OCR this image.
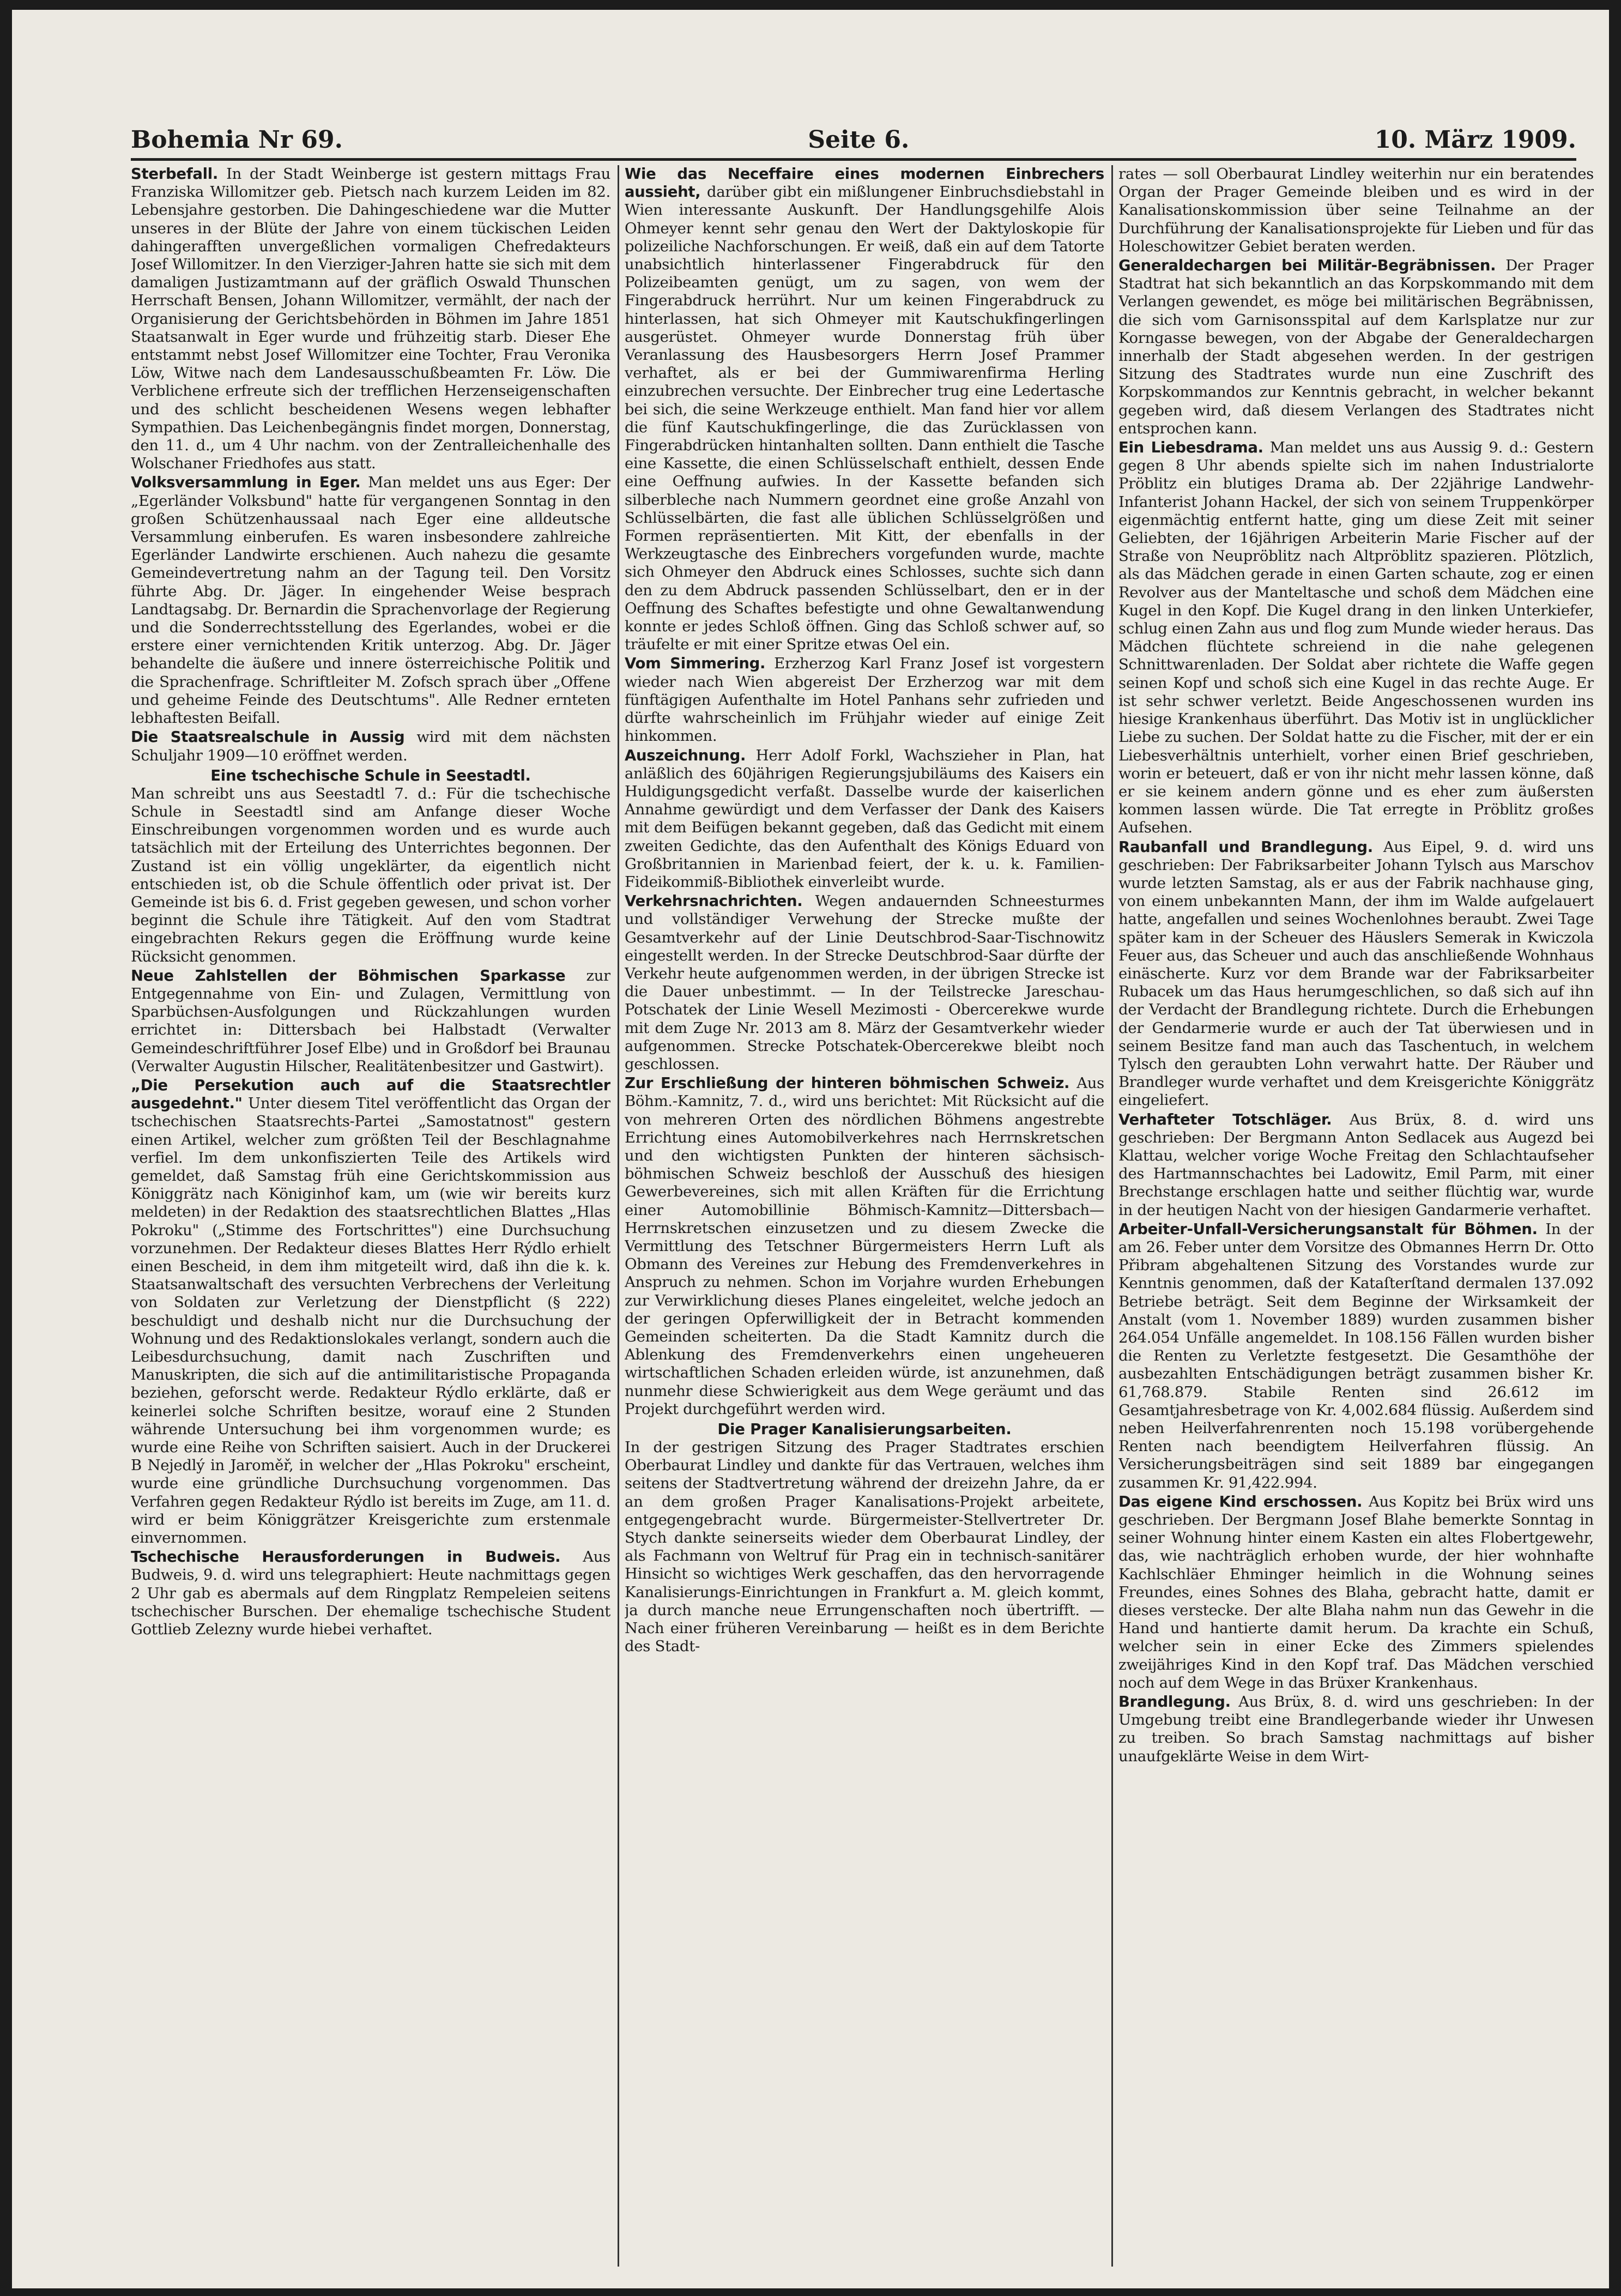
Bohemia Nr 69.	Seite 6.	10. März 1909.

Sterbefall. In der Stadt Weinberge ist gestern mittags Frau Franziska Willomitzer geb. Pietsch nach kurzem Leiden im 82. Lebensjahre gestorben. Die Dahingeschiedene war die Mutter unseres in der Blüte der Jahre von einem tückischen Leiden dahingerafften unvergeßlichen vormaligen Chefredakteurs Josef Willomitzer. In den Vierziger-Jahren hatte sie sich mit dem damaligen Justizamtmann auf der gräflich Oswald Thunschen Herrschaft Bensen, Johann Willomitzer, vermählt, der nach der Organisierung der Gerichtsbehörden in Böhmen im Jahre 1851 Staatsanwalt in Eger wurde und frühzeitig starb. Dieser Ehe entstammt nebst Josef Willomitzer eine Tochter, Frau Veronika Löw, Witwe nach dem Landesausschußbeamten Fr. Löw. Die Verblichene erfreute sich der trefflichen Herzenseigenschaften und des schlicht bescheidenen Wesens wegen lebhafter Sympathien. Das Leichenbegängnis findet morgen, Donnerstag, den 11. d., um 4 Uhr nachm. von der Zentralleichenhalle des Wolschaner Friedhofes aus statt.

Volksversammlung in Eger. Man meldet uns aus Eger: Der „Egerländer Volksbund" hatte für vergangenen Sonntag in den großen Schützenhaussaal nach Eger eine alldeutsche Versammlung einberufen. Es waren insbesondere zahlreiche Egerländer Landwirte erschienen. Auch nahezu die gesamte Gemeindevertretung nahm an der Tagung teil. Den Vorsitz führte Abg. Dr. Jäger. In eingehender Weise besprach Landtagsabg. Dr. Bernardin die Sprachenvorlage der Regierung und die Sonderrechtsstellung des Egerlandes, wobei er die erstere einer vernichtenden Kritik unterzog. Abg. Dr. Jäger behandelte die äußere und innere österreichische Politik und die Sprachenfrage. Schriftleiter M. Zofsch sprach über „Offene und geheime Feinde des Deutschtums". Alle Redner ernteten lebhaftesten Beifall.

Die Staatsrealschule in Aussig wird mit dem nächsten Schuljahr 1909—10 eröffnet werden.

Eine tschechische Schule in Seestadtl.

Man schreibt uns aus Seestadtl 7. d.: Für die tschechische Schule in Seestadtl sind am Anfange dieser Woche Einschreibungen vorgenommen worden und es wurde auch tatsächlich mit der Erteilung des Unterrichtes begonnen. Der Zustand ist ein völlig ungeklärter, da eigentlich nicht entschieden ist, ob die Schule öffentlich oder privat ist. Der Gemeinde ist bis 6. d. Frist gegeben gewesen, und schon vorher beginnt die Schule ihre Tätigkeit. Auf den vom Stadtrat eingebrachten Rekurs gegen die Eröffnung wurde keine Rücksicht genommen.

Neue Zahlstellen der Böhmischen Sparkasse zur Entgegennahme von Ein- und Zulagen, Vermittlung von Sparbüchsen-Ausfolgungen und Rückzahlungen wurden errichtet in: Dittersbach bei Halbstadt (Verwalter Gemeindeschriftführer Josef Elbe) und in Großdorf bei Braunau (Verwalter Augustin Hilscher, Realitätenbesitzer und Gastwirt).

„Die Persekution auch auf die Staatsrechtler ausgedehnt." Unter diesem Titel veröffentlicht das Organ der tschechischen Staatsrechts-Partei „Samostatnost" gestern einen Artikel, welcher zum größten Teil der Beschlagnahme verfiel. Im dem unkonfiszierten Teile des Artikels wird gemeldet, daß Samstag früh eine Gerichtskommission aus Königgrätz nach Königinhof kam, um (wie wir bereits kurz meldeten) in der Redaktion des staatsrechtlichen Blattes „Hlas Pokroku" („Stimme des Fortschrittes") eine Durchsuchung vorzunehmen. Der Redakteur dieses Blattes Herr Rýdlo erhielt einen Bescheid, in dem ihm mitgeteilt wird, daß ihn die k. k. Staatsanwaltschaft des versuchten Verbrechens der Verleitung von Soldaten zur Verletzung der Dienstpflicht (§ 222) beschuldigt und deshalb nicht nur die Durchsuchung der Wohnung und des Redaktionslokales verlangt, sondern auch die Leibesdurchsuchung, damit nach Zuschriften und Manuskripten, die sich auf die antimilitaristische Propaganda beziehen, geforscht werde. Redakteur Rýdlo erklärte, daß er keinerlei solche Schriften besitze, worauf eine 2 Stunden währende Untersuchung bei ihm vorgenommen wurde; es wurde eine Reihe von Schriften saisiert. Auch in der Druckerei B Nejedlý in Jaroměř, in welcher der „Hlas Pokroku" erscheint, wurde eine gründliche Durchsuchung vorgenommen. Das Verfahren gegen Redakteur Rýdlo ist bereits im Zuge, am 11. d. wird er beim Königgrätzer Kreisgerichte zum erstenmale einvernommen.

Tschechische Herausforderungen in Budweis. Aus Budweis, 9. d. wird uns telegraphiert: Heute nachmittags gegen 2 Uhr gab es abermals auf dem Ringplatz Rempeleien seitens tschechischer Burschen. Der ehemalige tschechische Student Gottlieb Zelezny wurde hiebei verhaftet.

Wie das Neceffaire eines modernen Einbrechers aussieht, darüber gibt ein mißlungener Einbruchsdiebstahl in Wien interessante Auskunft. Der Handlungsgehilfe Alois Ohmeyer kennt sehr genau den Wert der Daktyloskopie für polizeiliche Nachforschungen. Er weiß, daß ein auf dem Tatorte unabsichtlich hinterlassener Fingerabdruck für den Polizeibeamten genügt, um zu sagen, von wem der Fingerabdruck herrührt. Nur um keinen Fingerabdruck zu hinterlassen, hat sich Ohmeyer mit Kautschukfingerlingen ausgerüstet. Ohmeyer wurde Donnerstag früh über Veranlassung des Hausbesorgers Herrn Josef Prammer verhaftet, als er bei der Gummiwarenfirma Herling einzubrechen versuchte. Der Einbrecher trug eine Ledertasche bei sich, die seine Werkzeuge enthielt. Man fand hier vor allem die fünf Kautschukfingerlinge, die das Zurücklassen von Fingerabdrücken hintanhalten sollten. Dann enthielt die Tasche eine Kassette, die einen Schlüsselschaft enthielt, dessen Ende eine Oeffnung aufwies. In der Kassette befanden sich silberbleche nach Nummern geordnet eine große Anzahl von Schlüsselbärten, die fast alle üblichen Schlüsselgrößen und Formen repräsentierten. Mit Kitt, der ebenfalls in der Werkzeugtasche des Einbrechers vorgefunden wurde, machte sich Ohmeyer den Abdruck eines Schlosses, suchte sich dann den zu dem Abdruck passenden Schlüsselbart, den er in der Oeffnung des Schaftes befestigte und ohne Gewaltanwendung konnte er jedes Schloß öffnen. Ging das Schloß schwer auf, so träufelte er mit einer Spritze etwas Oel ein.

Vom Simmering. Erzherzog Karl Franz Josef ist vorgestern wieder nach Wien abgereist Der Erzherzog war mit dem fünftägigen Aufenthalte im Hotel Panhans sehr zufrieden und dürfte wahrscheinlich im Frühjahr wieder auf einige Zeit hinkommen.

Auszeichnung. Herr Adolf Forkl, Wachszieher in Plan, hat anläßlich des 60jährigen Regierungsjubiläums des Kaisers ein Huldigungsgedicht verfaßt. Dasselbe wurde der kaiserlichen Annahme gewürdigt und dem Verfasser der Dank des Kaisers mit dem Beifügen bekannt gegeben, daß das Gedicht mit einem zweiten Gedichte, das den Aufenthalt des Königs Eduard von Großbritannien in Marienbad feiert, der k. u. k. Familien-Fideikommiß-Bibliothek einverleibt wurde.

Verkehrsnachrichten. Wegen andauernden Schneesturmes und vollständiger Verwehung der Strecke mußte der Gesamtverkehr auf der Linie Deutschbrod-Saar-Tischnowitz eingestellt werden. In der Strecke Deutschbrod-Saar dürfte der Verkehr heute aufgenommen werden, in der übrigen Strecke ist die Dauer unbestimmt. — In der Teilstrecke Jareschau-Potschatek der Linie Wesell Mezimosti - Obercerekwe wurde mit dem Zuge Nr. 2013 am 8. März der Gesamtverkehr wieder aufgenommen. Strecke Potschatek-Obercerekwe bleibt noch geschlossen.

Zur Erschließung der hinteren böhmischen Schweiz. Aus Böhm.-Kamnitz, 7. d., wird uns berichtet: Mit Rücksicht auf die von mehreren Orten des nördlichen Böhmens angestrebte Errichtung eines Automobilverkehres nach Herrnskretschen und den wichtigsten Punkten der hinteren sächsisch-böhmischen Schweiz beschloß der Ausschuß des hiesigen Gewerbevereines, sich mit allen Kräften für die Errichtung einer Automobillinie Böhmisch-Kamnitz—Dittersbach—Herrnskretschen einzusetzen und zu diesem Zwecke die Vermittlung des Tetschner Bürgermeisters Herrn Luft als Obmann des Vereines zur Hebung des Fremdenverkehres in Anspruch zu nehmen. Schon im Vorjahre wurden Erhebungen zur Verwirklichung dieses Planes eingeleitet, welche jedoch an der geringen Opferwilligkeit der in Betracht kommenden Gemeinden scheiterten. Da die Stadt Kamnitz durch die Ablenkung des Fremdenverkehrs einen ungeheueren wirtschaftlichen Schaden erleiden würde, ist anzunehmen, daß nunmehr diese Schwierigkeit aus dem Wege geräumt und das Projekt durchgeführt werden wird.

Die Prager Kanalisierungsarbeiten.

In der gestrigen Sitzung des Prager Stadtrates erschien Oberbaurat Lindley und dankte für das Vertrauen, welches ihm seitens der Stadtvertretung während der dreizehn Jahre, da er an dem großen Prager Kanalisations-Projekt arbeitete, entgegengebracht wurde. Bürgermeister-Stellvertreter Dr. Stych dankte seinerseits wieder dem Oberbaurat Lindley, der als Fachmann von Weltruf für Prag ein in technisch-sanitärer Hinsicht so wichtiges Werk geschaffen, das den hervorragende Kanalisierungs-Einrichtungen in Frankfurt a. M. gleich kommt, ja durch manche neue Errungenschaften noch übertrifft. — Nach einer früheren Vereinbarung — heißt es in dem Berichte des Stadt-

rates — soll Oberbaurat Lindley weiterhin nur ein beratendes Organ der Prager Gemeinde bleiben und es wird in der Kanalisationskommission über seine Teilnahme an der Durchführung der Kanalisationsprojekte für Lieben und für das Holeschowitzer Gebiet beraten werden.

Generaldechargen bei Militär-Begräbnissen. Der Prager Stadtrat hat sich bekanntlich an das Korpskommando mit dem Verlangen gewendet, es möge bei militärischen Begräbnissen, die sich vom Garnisonsspital auf dem Karlsplatze nur zur Korngasse bewegen, von der Abgabe der Generaldechargen innerhalb der Stadt abgesehen werden. In der gestrigen Sitzung des Stadtrates wurde nun eine Zuschrift des Korpskommandos zur Kenntnis gebracht, in welcher bekannt gegeben wird, daß diesem Verlangen des Stadtrates nicht entsprochen kann.

Ein Liebesdrama. Man meldet uns aus Aussig 9. d.: Gestern gegen 8 Uhr abends spielte sich im nahen Industrialorte Pröblitz ein blutiges Drama ab. Der 22jährige Landwehr-Infanterist Johann Hackel, der sich von seinem Truppenkörper eigenmächtig entfernt hatte, ging um diese Zeit mit seiner Geliebten, der 16jährigen Arbeiterin Marie Fischer auf der Straße von Neupröblitz nach Altpröblitz spazieren. Plötzlich, als das Mädchen gerade in einen Garten schaute, zog er einen Revolver aus der Manteltasche und schoß dem Mädchen eine Kugel in den Kopf. Die Kugel drang in den linken Unterkiefer, schlug einen Zahn aus und flog zum Munde wieder heraus. Das Mädchen flüchtete schreiend in die nahe gelegenen Schnittwarenladen. Der Soldat aber richtete die Waffe gegen seinen Kopf und schoß sich eine Kugel in das rechte Auge. Er ist sehr schwer verletzt. Beide Angeschossenen wurden ins hiesige Krankenhaus überführt. Das Motiv ist in unglücklicher Liebe zu suchen. Der Soldat hatte zu die Fischer, mit der er ein Liebesverhältnis unterhielt, vorher einen Brief geschrieben, worin er beteuert, daß er von ihr nicht mehr lassen könne, daß er sie keinem andern gönne und es eher zum äußersten kommen lassen würde. Die Tat erregte in Pröblitz großes Aufsehen.

Raubanfall und Brandlegung. Aus Eipel, 9. d. wird uns geschrieben: Der Fabriksarbeiter Johann Tylsch aus Marschov wurde letzten Samstag, als er aus der Fabrik nachhause ging, von einem unbekannten Mann, der ihm im Walde aufgelauert hatte, angefallen und seines Wochenlohnes beraubt. Zwei Tage später kam in der Scheuer des Häuslers Semerak in Kwiczola Feuer aus, das Scheuer und auch das anschließende Wohnhaus einäscherte. Kurz vor dem Brande war der Fabriksarbeiter Rubacek um das Haus herumgeschlichen, so daß sich auf ihn der Verdacht der Brandlegung richtete. Durch die Erhebungen der Gendarmerie wurde er auch der Tat überwiesen und in seinem Besitze fand man auch das Taschentuch, in welchem Tylsch den geraubten Lohn verwahrt hatte. Der Räuber und Brandleger wurde verhaftet und dem Kreisgerichte Königgrätz eingeliefert.

Verhafteter Totschläger. Aus Brüx, 8. d. wird uns geschrieben: Der Bergmann Anton Sedlacek aus Augezd bei Klattau, welcher vorige Woche Freitag den Schlachtaufseher des Hartmannschachtes bei Ladowitz, Emil Parm, mit einer Brechstange erschlagen hatte und seither flüchtig war, wurde in der heutigen Nacht von der hiesigen Gandarmerie verhaftet.

Arbeiter-Unfall-Versicherungsanstalt für Böhmen. In der am 26. Feber unter dem Vorsitze des Obmannes Herrn Dr. Otto Přibram abgehaltenen Sitzung des Vorstandes wurde zur Kenntnis genommen, daß der Kataſterſtand dermalen 137.092 Betriebe beträgt. Seit dem Beginne der Wirksamkeit der Anstalt (vom 1. November 1889) wurden zusammen bisher 264.054 Unfälle angemeldet. In 108.156 Fällen wurden bisher die Renten zu Verletzte festgesetzt. Die Gesamthöhe der ausbezahlten Entschädigungen beträgt zusammen bisher Kr. 61,768.879. Stabile Renten sind 26.612 im Gesamtjahresbetrage von Kr. 4,002.684 flüssig. Außerdem sind neben Heilverfahrenrenten noch 15.198 vorübergehende Renten nach beendigtem Heilverfahren flüssig. An Versicherungsbeiträgen sind seit 1889 bar eingegangen zusammen Kr. 91,422.994.

Das eigene Kind erschossen. Aus Kopitz bei Brüx wird uns geschrieben. Der Bergmann Josef Blahe bemerkte Sonntag in seiner Wohnung hinter einem Kasten ein altes Flobertgewehr, das, wie nachträglich erhoben wurde, der hier wohnhafte Kachlschläer Ehminger heimlich in die Wohnung seines Freundes, eines Sohnes des Blaha, gebracht hatte, damit er dieses verstecke. Der alte Blaha nahm nun das Gewehr in die Hand und hantierte damit herum. Da krachte ein Schuß, welcher sein in einer Ecke des Zimmers spielendes zweijähriges Kind in den Kopf traf. Das Mädchen verschied noch auf dem Wege in das Brüxer Krankenhaus.

Brandlegung. Aus Brüx, 8. d. wird uns geschrieben: In der Umgebung treibt eine Brandlegerbande wieder ihr Unwesen zu treiben. So brach Samstag nachmittags auf bisher unaufgeklärte Weise in dem Wirt-
